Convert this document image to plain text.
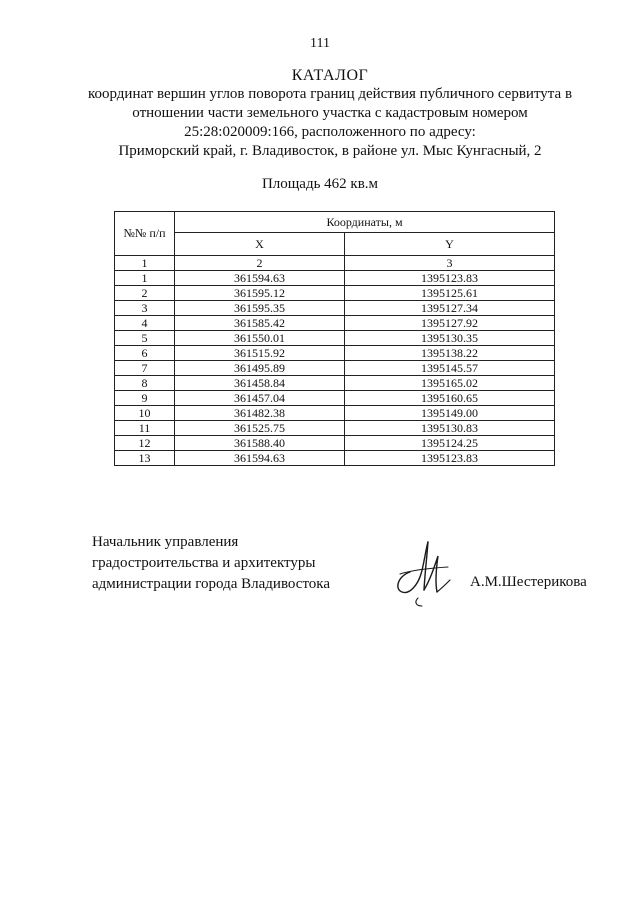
111
КАТАЛОГ
координат вершин углов поворота границ действия публичного сервитута в
отношении части земельного участка с кадастровым номером
25:28:020009:166, расположенного по адресу:
Приморский край, г. Владивосток, в районе ул. Мыс Кунгасный, 2
Площадь 462 кв.м
№№ п/п	Координаты, м	
	X	Y
1	2	3
1	361594.63	1395123.83
2	361595.12	1395125.61
3	361595.35	1395127.34
4	361585.42	1395127.92
5	361550.01	1395130.35
6	361515.92	1395138.22
7	361495.89	1395145.57
8	361458.84	1395165.02
9	361457.04	1395160.65
10	361482.38	1395149.00
11	361525.75	1395130.83
12	361588.40	1395124.25
13	361594.63	1395123.83
Начальник управления
градостроительства и архитектуры
администрации города Владивостока	А.М.Шестерикова
